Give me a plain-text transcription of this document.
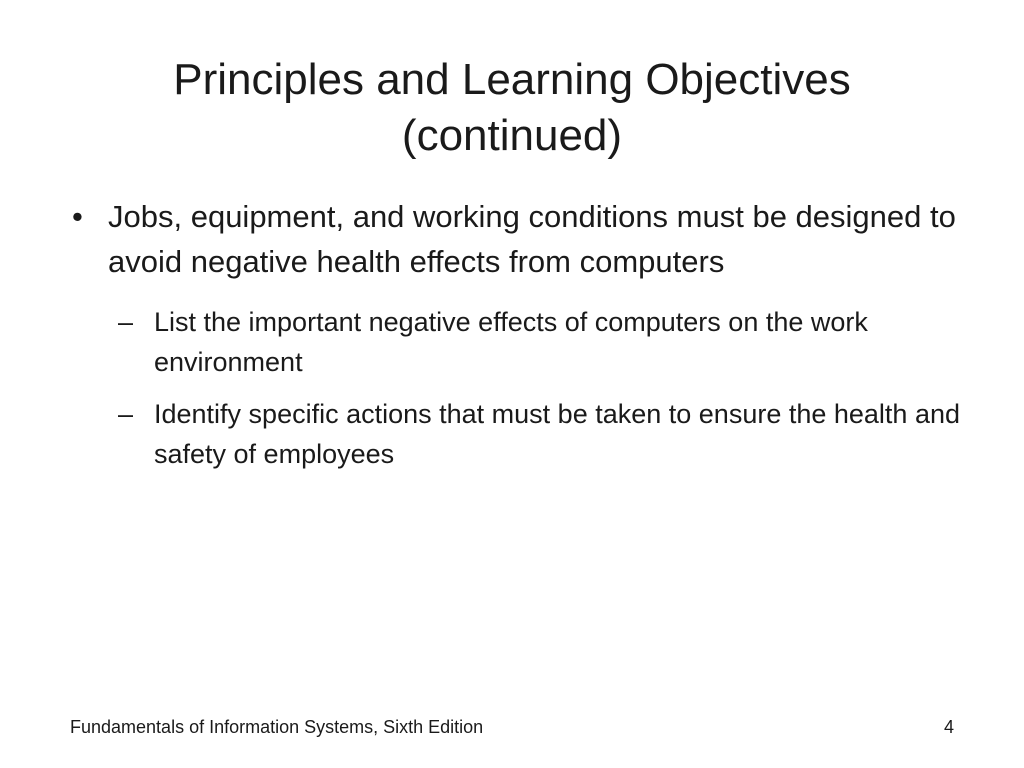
Principles and Learning Objectives
(continued)
• Jobs, equipment, and working conditions must be designed to avoid negative health effects from computers
– List the important negative effects of computers on the work environment
– Identify specific actions that must be taken to ensure the health and safety of employees
Fundamentals of Information Systems, Sixth Edition	4
